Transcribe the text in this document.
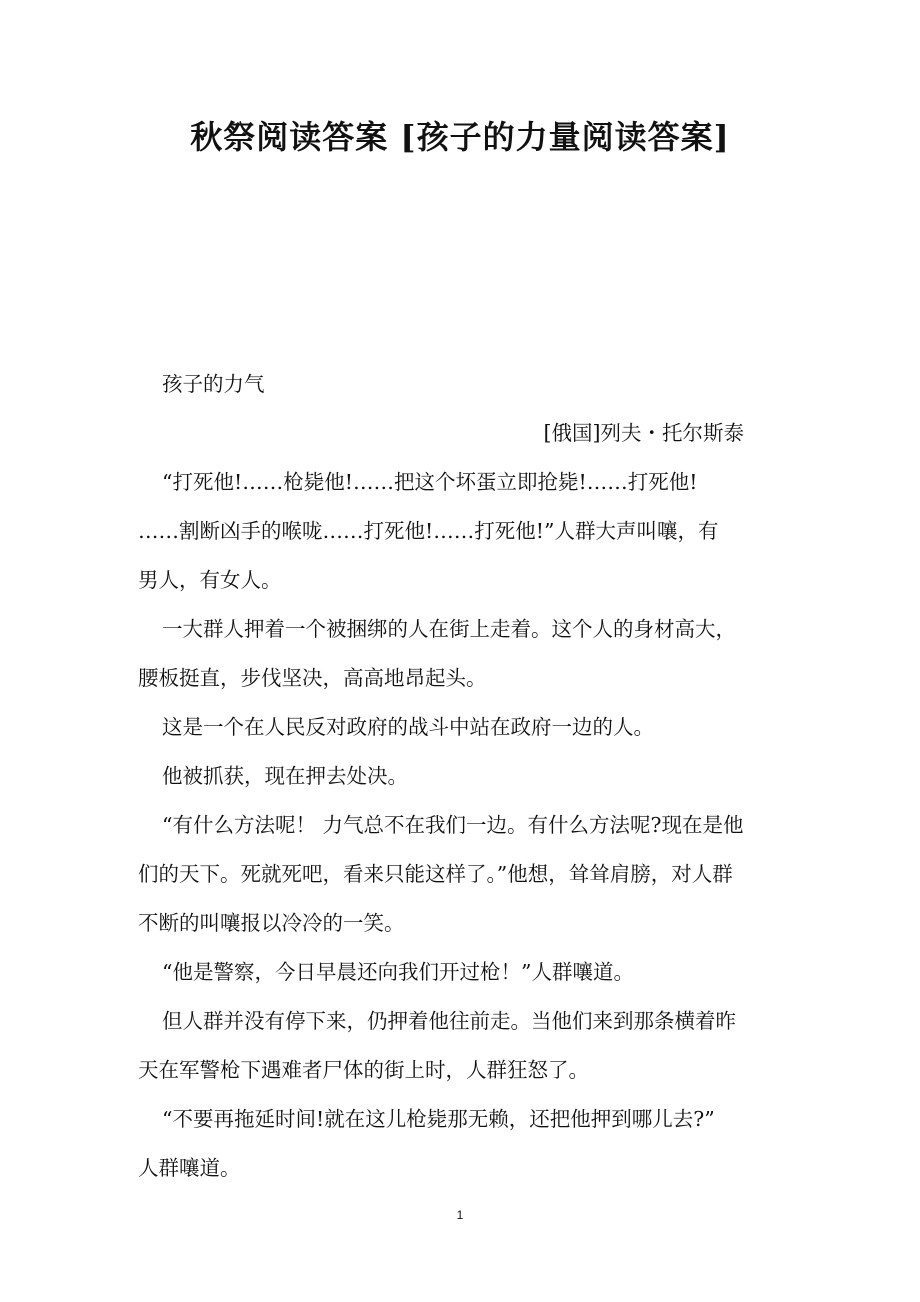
秋祭阅读答案 [孩子的力量阅读答案]
孩子的力气
[俄国]列夫・托尔斯泰
“打死他!……枪毙他!……把这个坏蛋立即抢毙!……打死他!
……割断凶手的喉咙……打死他!……打死他!”人群大声叫嚷，有
男人，有女人。
一大群人押着一个被捆绑的人在街上走着。这个人的身材高大，
腰板挺直，步伐坚决，高高地昂起头。
这是一个在人民反对政府的战斗中站在政府一边的人。
他被抓获，现在押去处决。
“有什么方法呢！ 力气总不在我们一边。有什么方法呢?现在是他
们的天下。死就死吧，看来只能这样了。”他想，耸耸肩膀，对人群
不断的叫嚷报以冷冷的一笑。
“他是警察，今日早晨还向我们开过枪！”人群嚷道。
但人群并没有停下来，仍押着他往前走。当他们来到那条横着昨
天在军警枪下遇难者尸体的街上时，人群狂怒了。
“不要再拖延时间!就在这儿枪毙那无赖，还把他押到哪儿去?”
人群嚷道。
1
